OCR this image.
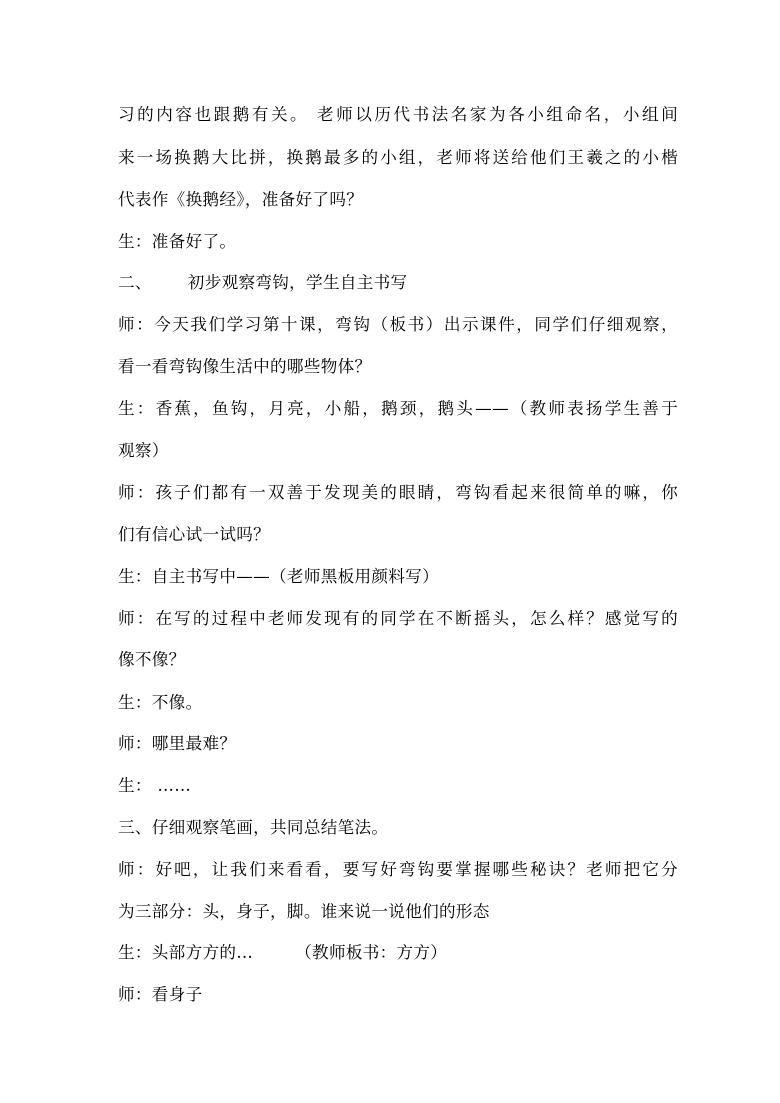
习的内容也跟鹅有关。 老师以历代书法名家为各小组命名，小组间
来一场换鹅大比拼，换鹅最多的小组，老师将送给他们王羲之的小楷
代表作《换鹅经》，准备好了吗？
生：准备好了。
二、 初步观察弯钩，学生自主书写
师：今天我们学习第十课，弯钩（板书）出示课件，同学们仔细观察，
看一看弯钩像生活中的哪些物体？
生：香蕉，鱼钩，月亮，小船，鹅颈，鹅头——（教师表扬学生善于
观察）
师：孩子们都有一双善于发现美的眼睛，弯钩看起来很简单的嘛，你
们有信心试一试吗？
生：自主书写中——（老师黑板用颜料写）
师：在写的过程中老师发现有的同学在不断摇头，怎么样？感觉写的
像不像？
生：不像。
师：哪里最难？
生： ……
三、仔细观察笔画，共同总结笔法。
师：好吧，让我们来看看，要写好弯钩要掌握哪些秘诀？老师把它分
为三部分：头，身子，脚。谁来说一说他们的形态
生：头部方方的…	（教师板书：方方）
师：看身子
